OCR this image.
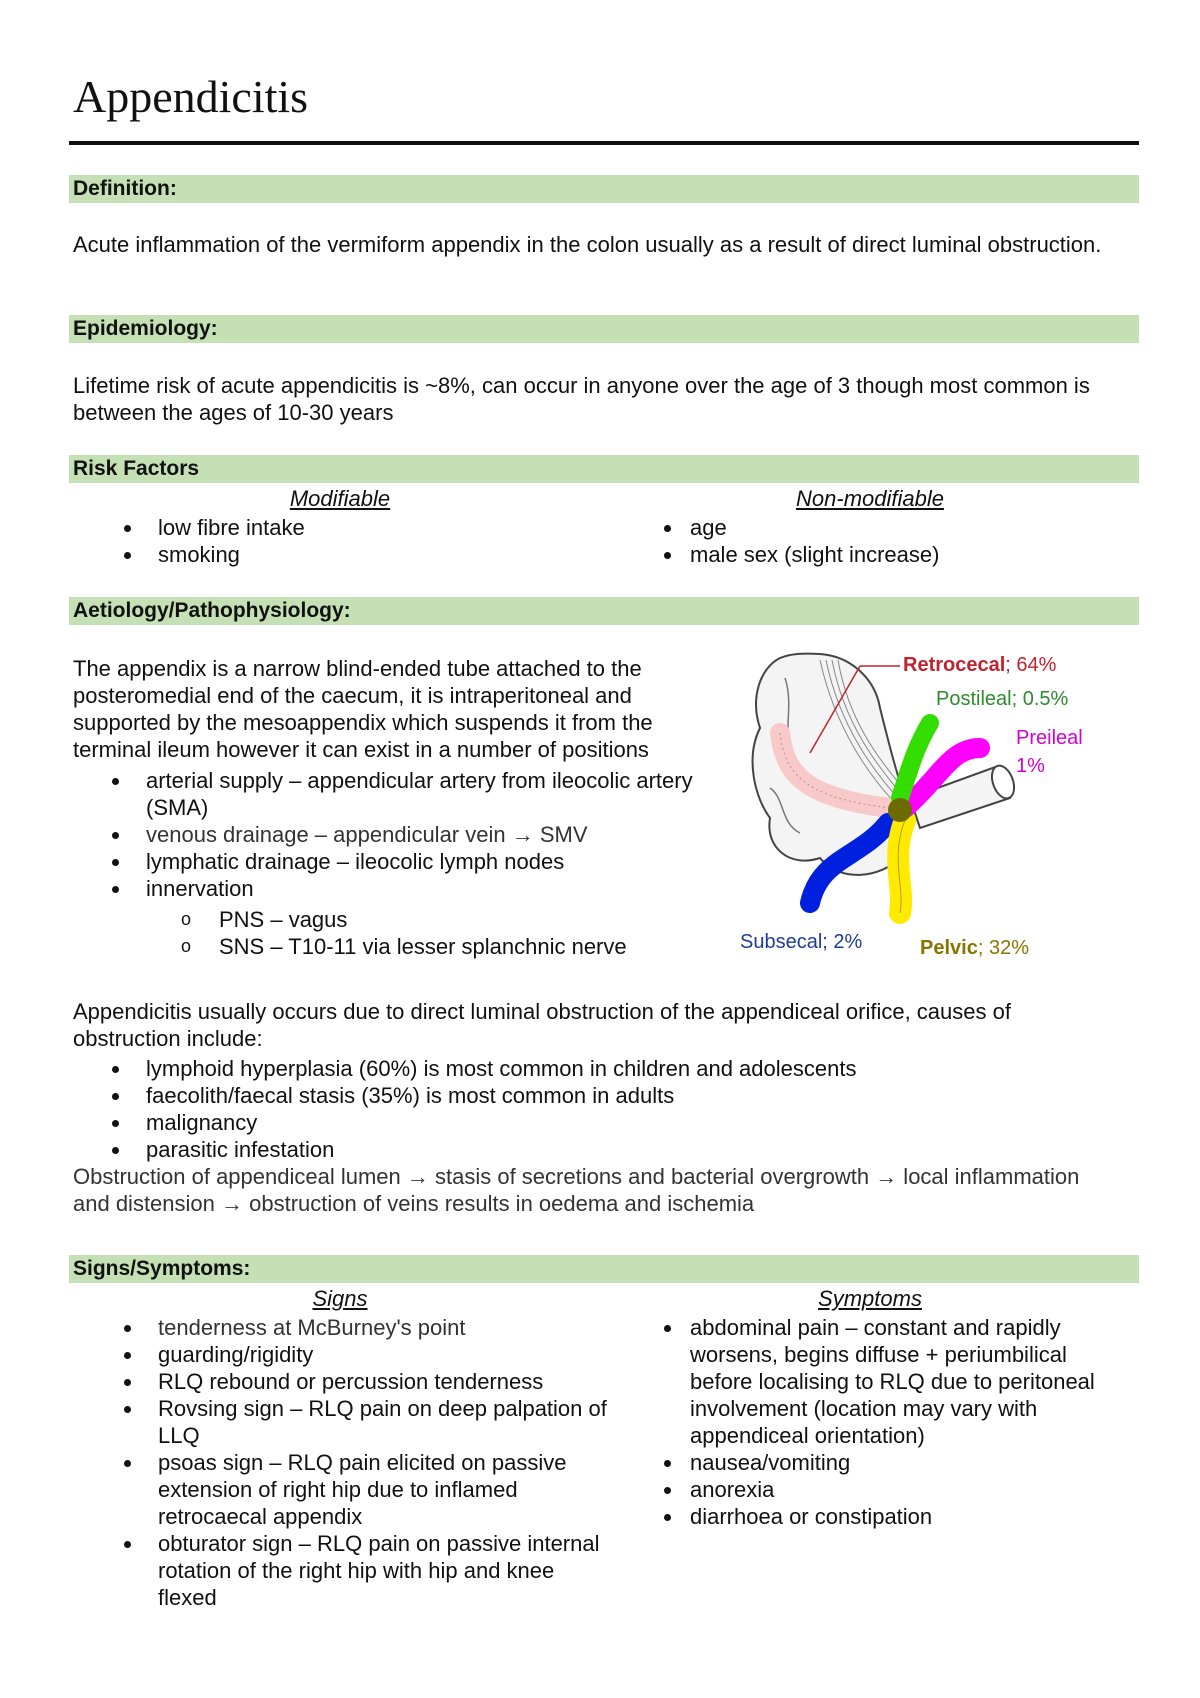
Appendicitis
Definition:

Acute inflammation of the vermiform appendix in the colon usually as a result of direct luminal obstruction.

Epidemiology:

Lifetime risk of acute appendicitis is ~8%, can occur in anyone over the age of 3 though most common is between the ages of 10-30 years

Risk Factors
Modifiable	Non-modifiable
low fibre intake
smoking
age
male sex (slight increase)
Aetiology/Pathophysiology:
The appendix is a narrow blind-ended tube attached to the
posteromedial end of the caecum, it is intraperitoneal and
supported by the mesoappendix which suspends it from the
terminal ileum however it can exist in a number of positions
arterial supply – appendicular artery from ileocolic artery (SMA)
venous drainage – appendicular vein → SMV
lymphatic drainage – ileocolic lymph nodes
innervation
o PNS – vagus
o SNS – T10-11 via lesser splanchnic nerve
Retrocecal; 64%
Postileal; 0.5%
Preileal
1%
Subsecal; 2%	Pelvic; 32%

Appendicitis usually occurs due to direct luminal obstruction of the appendiceal orifice, causes of obstruction include:

lymphoid hyperplasia (60%) is most common in children and adolescents
faecolith/faecal stasis (35%) is most common in adults
malignancy
parasitic infestation

Obstruction of appendiceal lumen → stasis of secretions and bacterial overgrowth → local inflammation and distension → obstruction of veins results in oedema and ischemia

Signs/Symptoms:
Signs	Symptoms
tenderness at McBurney's point
guarding/rigidity
RLQ rebound or percussion tenderness
Rovsing sign – RLQ pain on deep palpation of LLQ
psoas sign – RLQ pain elicited on passive extension of right hip due to inflamed retrocaecal appendix
obturator sign – RLQ pain on passive internal rotation of the right hip with hip and knee flexed
abdominal pain – constant and rapidly worsens, begins diffuse + periumbilical before localising to RLQ due to peritoneal involvement (location may vary with appendiceal orientation)
nausea/vomiting
anorexia
diarrhoea or constipation
